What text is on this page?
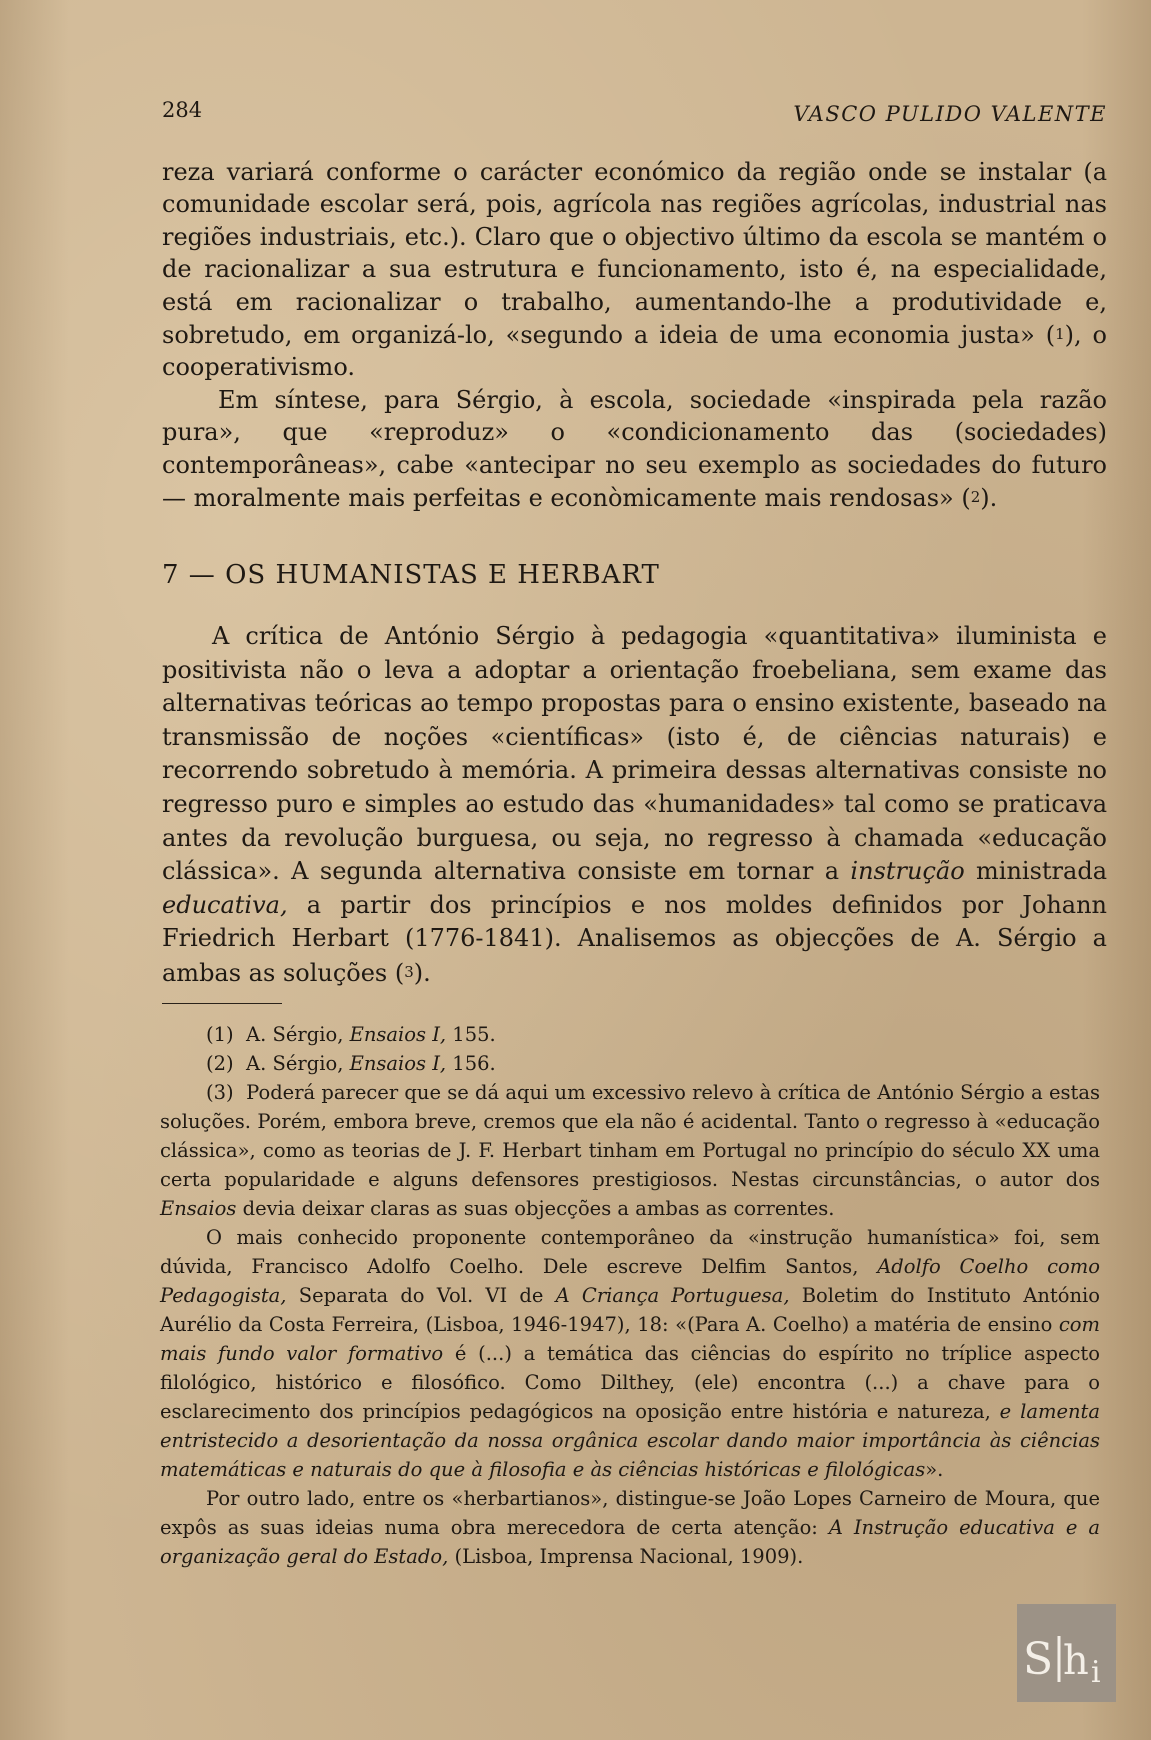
284	VASCO PULIDO VALENTE

reza variará conforme o carácter económico da região onde se instalar (a comunidade escolar será, pois, agrícola nas regiões agrícolas, industrial nas regiões industriais, etc.). Claro que o objectivo último da escola se mantém o de racionalizar a sua estrutura e funcionamento, isto é, na especialidade, está em racionalizar o trabalho, aumentando-lhe a produtividade e, sobretudo, em organizá-lo, «segundo a ideia de uma economia justa» (1), o cooperativismo.

Em síntese, para Sérgio, à escola, sociedade «inspirada pela razão pura», que «reproduz» o «condicionamento das (sociedades) contemporâneas», cabe «antecipar no seu exemplo as sociedades do futuro — moralmente mais perfeitas e econòmicamente mais rendosas» (2).

7 — OS HUMANISTAS E HERBART

A crítica de António Sérgio à pedagogia «quantitativa» iluminista e positivista não o leva a adoptar a orientação froebeliana, sem exame das alternativas teóricas ao tempo propostas para o ensino existente, baseado na transmissão de noções «científicas» (isto é, de ciências naturais) e recorrendo sobretudo à memória. A primeira dessas alternativas consiste no regresso puro e simples ao estudo das «humanidades» tal como se praticava antes da revolução burguesa, ou seja, no regresso à chamada «educação clássica». A segunda alternativa consiste em tornar a instrução ministrada educativa, a partir dos princípios e nos moldes definidos por Johann Friedrich Herbart (1776-1841). Analisemos as objecções de A. Sérgio a ambas as soluções (3).

(1) A. Sérgio, Ensaios I, 155.

(2) A. Sérgio, Ensaios I, 156.

(3) Poderá parecer que se dá aqui um excessivo relevo à crítica de António Sérgio a estas soluções. Porém, embora breve, cremos que ela não é acidental. Tanto o regresso à «educação clássica», como as teorias de J. F. Herbart tinham em Portugal no princípio do século XX uma certa popularidade e alguns defensores prestigiosos. Nestas circunstâncias, o autor dos Ensaios devia deixar claras as suas objecções a ambas as correntes.

O mais conhecido proponente contemporâneo da «instrução humanística» foi, sem dúvida, Francisco Adolfo Coelho. Dele escreve Delfim Santos, Adolfo Coelho como Pedagogista, Separata do Vol. VI de A Criança Portuguesa, Boletim do Instituto António Aurélio da Costa Ferreira, (Lisboa, 1946-1947), 18: «(Para A. Coelho) a matéria de ensino com mais fundo valor formativo é (...) a temática das ciências do espírito no tríplice aspecto filológico, histórico e filosófico. Como Dilthey, (ele) encontra (...) a chave para o esclarecimento dos princípios pedagógicos na oposição entre história e natureza, e lamenta entristecido a desorientação da nossa orgânica escolar dando maior importância às ciências matemáticas e naturais do que à filosofia e às ciências históricas e filológicas».

Por outro lado, entre os «herbartianos», distingue-se João Lopes Carneiro de Moura, que expôs as suas ideias numa obra merecedora de certa atenção: A Instrução educativa e a organização geral do Estado, (Lisboa, Imprensa Nacional, 1909).

S h i
